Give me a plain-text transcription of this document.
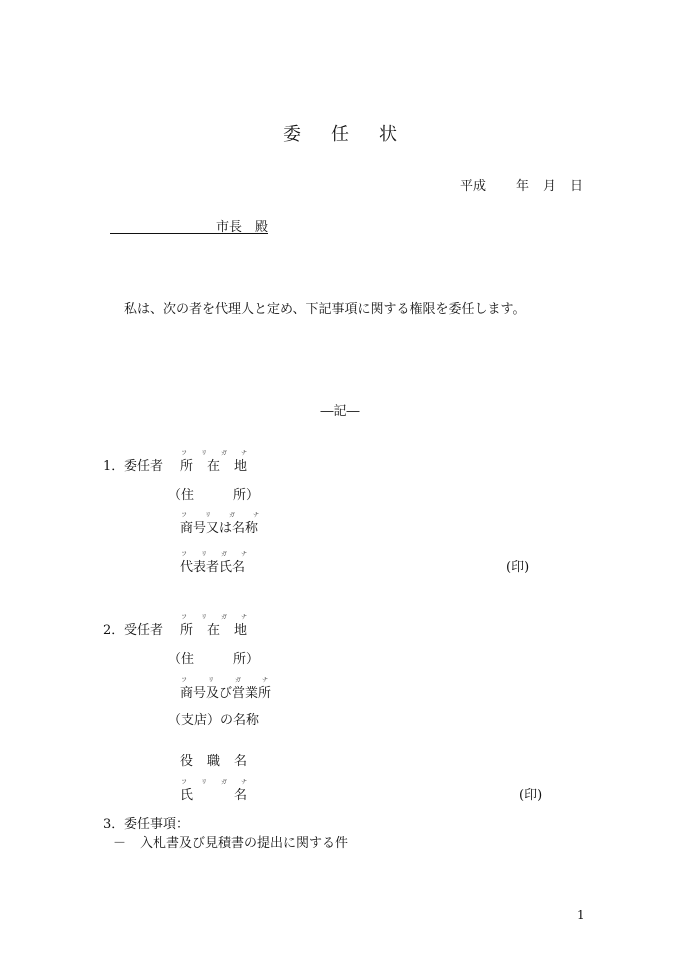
委 任 状
平成 年 月 日
市長　殿
私は、次の者を代理人と定め、下記事項に関する権限を委任します。
―記―
1． 委任者
フ リ ガ ナ
所 在 地
（住　　　所）
フ	リ	ガ	ナ
商号又は名称
フ リ ガ ナ
代表者氏名	(印)
2． 受任者
フ リ ガ ナ
所 在 地
（住　　　所）
フ	リ	ガ	ナ
商号及び営業所
（支店）の名称
役 職 名
フ リ ガ ナ
氏	名	(印)
3． 委任事項：
－ 入札書及び見積書の提出に関する件
1
